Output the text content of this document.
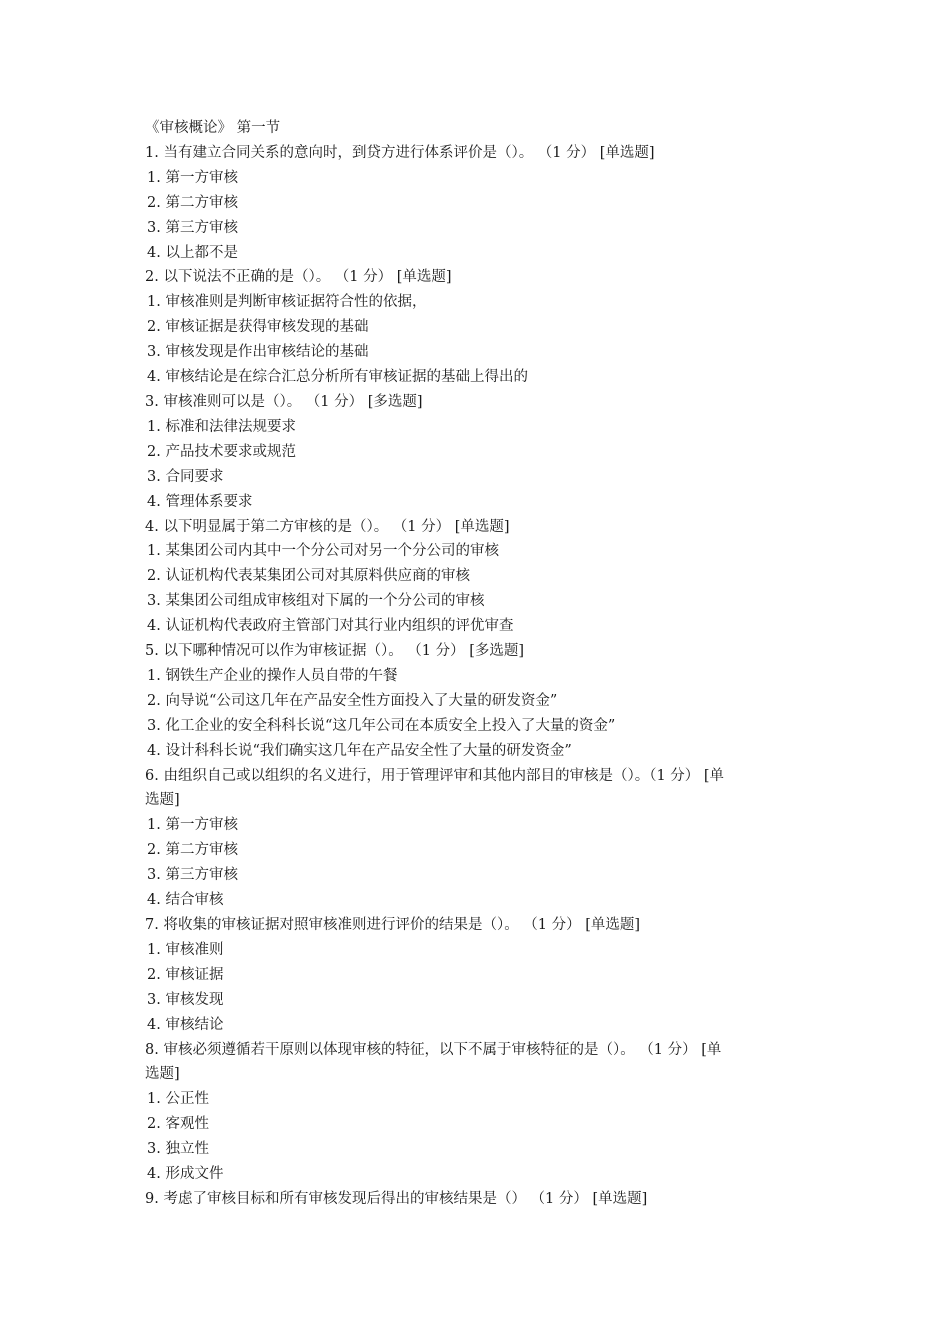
《审核概论》 第一节
1. 当有建立合同关系的意向时，到贷方进行体系评价是（）。 （1 分） [单选题]
1. 第一方审核
2. 第二方审核
3. 第三方审核
4. 以上都不是
2. 以下说法不正确的是（）。 （1 分） [单选题]
1. 审核准则是判断审核证据符合性的依据，
2. 审核证据是获得审核发现的基础
3. 审核发现是作出审核结论的基础
4. 审核结论是在综合汇总分析所有审核证据的基础上得出的
3. 审核准则可以是（）。 （1 分） [多选题]
1. 标准和法律法规要求
2. 产品技术要求或规范
3. 合同要求
4. 管理体系要求
4. 以下明显属于第二方审核的是（）。 （1 分） [单选题]
1. 某集团公司内其中一个分公司对另一个分公司的审核
2. 认证机构代表某集团公司对其原料供应商的审核
3. 某集团公司组成审核组对下属的一个分公司的审核
4. 认证机构代表政府主管部门对其行业内组织的评优审查
5. 以下哪种情况可以作为审核证据（）。 （1 分） [多选题]
1. 钢铁生产企业的操作人员自带的午餐
2. 向导说“公司这几年在产品安全性方面投入了大量的研发资金”
3. 化工企业的安全科科长说“这几年公司在本质安全上投入了大量的资金”
4. 设计科科长说“我们确实这几年在产品安全性了大量的研发资金”
6. 由组织自己或以组织的名义进行，用于管理评审和其他内部目的审核是（）。（1 分） [单
选题]
1. 第一方审核
2. 第二方审核
3. 第三方审核
4. 结合审核
7. 将收集的审核证据对照审核准则进行评价的结果是（）。 （1 分） [单选题]
1. 审核准则
2. 审核证据
3. 审核发现
4. 审核结论
8. 审核必须遵循若干原则以体现审核的特征，以下不属于审核特征的是（）。 （1 分） [单
选题]
1. 公正性
2. 客观性
3. 独立性
4. 形成文件
9. 考虑了审核目标和所有审核发现后得出的审核结果是（） （1 分） [单选题]
